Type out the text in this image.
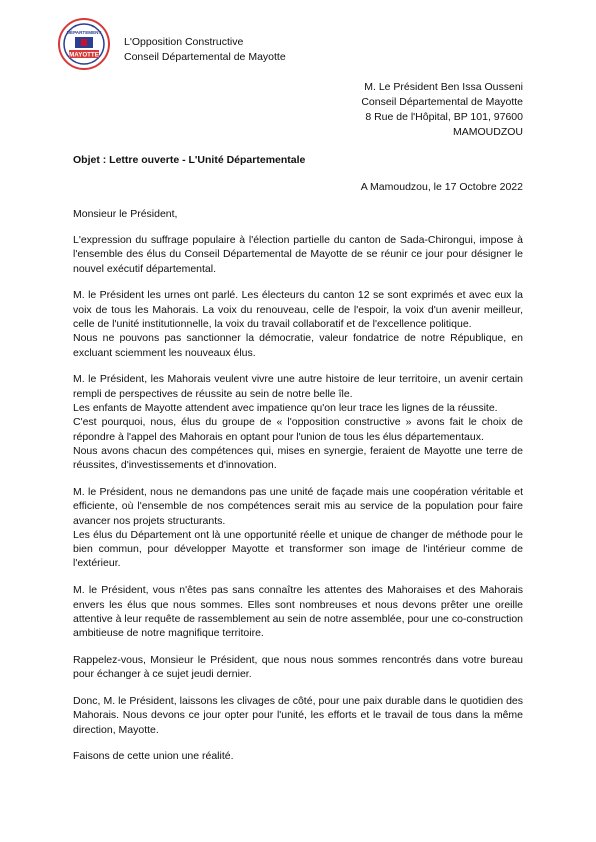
DÉPARTEMENT
MAYOTTE
L'Opposition Constructive
Conseil Départemental de Mayotte
M. Le Président Ben Issa Ousseni
Conseil Départemental de Mayotte
8 Rue de l'Hôpital, BP 101, 97600
MAMOUDZOU
Objet : Lettre ouverte - L'Unité Départementale
A Mamoudzou, le 17 Octobre 2022
Monsieur le Président,

L'expression du suffrage populaire à l'élection partielle du canton de Sada-Chirongui, impose à l'ensemble des élus du Conseil Départemental de Mayotte de se réunir ce jour pour désigner le nouvel exécutif départemental.

M. le Président les urnes ont parlé. Les électeurs du canton 12 se sont exprimés et avec eux la voix de tous les Mahorais. La voix du renouveau, celle de l'espoir, la voix d'un avenir meilleur, celle de l'unité institutionnelle, la voix du travail collaboratif et de l'excellence politique.
Nous ne pouvons pas sanctionner la démocratie, valeur fondatrice de notre République, en excluant sciemment les nouveaux élus.

M. le Président, les Mahorais veulent vivre une autre histoire de leur territoire, un avenir certain rempli de perspectives de réussite au sein de notre belle île.
Les enfants de Mayotte attendent avec impatience qu'on leur trace les lignes de la réussite.
C'est pourquoi, nous, élus du groupe de « l'opposition constructive » avons fait le choix de répondre à l'appel des Mahorais en optant pour l'union de tous les élus départementaux.
Nous avons chacun des compétences qui, mises en synergie, feraient de Mayotte une terre de réussites, d'investissements et d'innovation.

M. le Président, nous ne demandons pas une unité de façade mais une coopération véritable et efficiente, où l'ensemble de nos compétences serait mis au service de la population pour faire avancer nos projets structurants.
Les élus du Département ont là une opportunité réelle et unique de changer de méthode pour le bien commun, pour développer Mayotte et transformer son image de l'intérieur comme de l'extérieur.

M. le Président, vous n'êtes pas sans connaître les attentes des Mahoraises et des Mahorais envers les élus que nous sommes. Elles sont nombreuses et nous devons prêter une oreille attentive à leur requête de rassemblement au sein de notre assemblée, pour une co-construction ambitieuse de notre magnifique territoire.

Rappelez-vous, Monsieur le Président, que nous nous sommes rencontrés dans votre bureau pour échanger à ce sujet jeudi dernier.

Donc, M. le Président, laissons les clivages de côté, pour une paix durable dans le quotidien des Mahorais. Nous devons ce jour opter pour l'unité, les efforts et le travail de tous dans la même direction, Mayotte.

Faisons de cette union une réalité.
